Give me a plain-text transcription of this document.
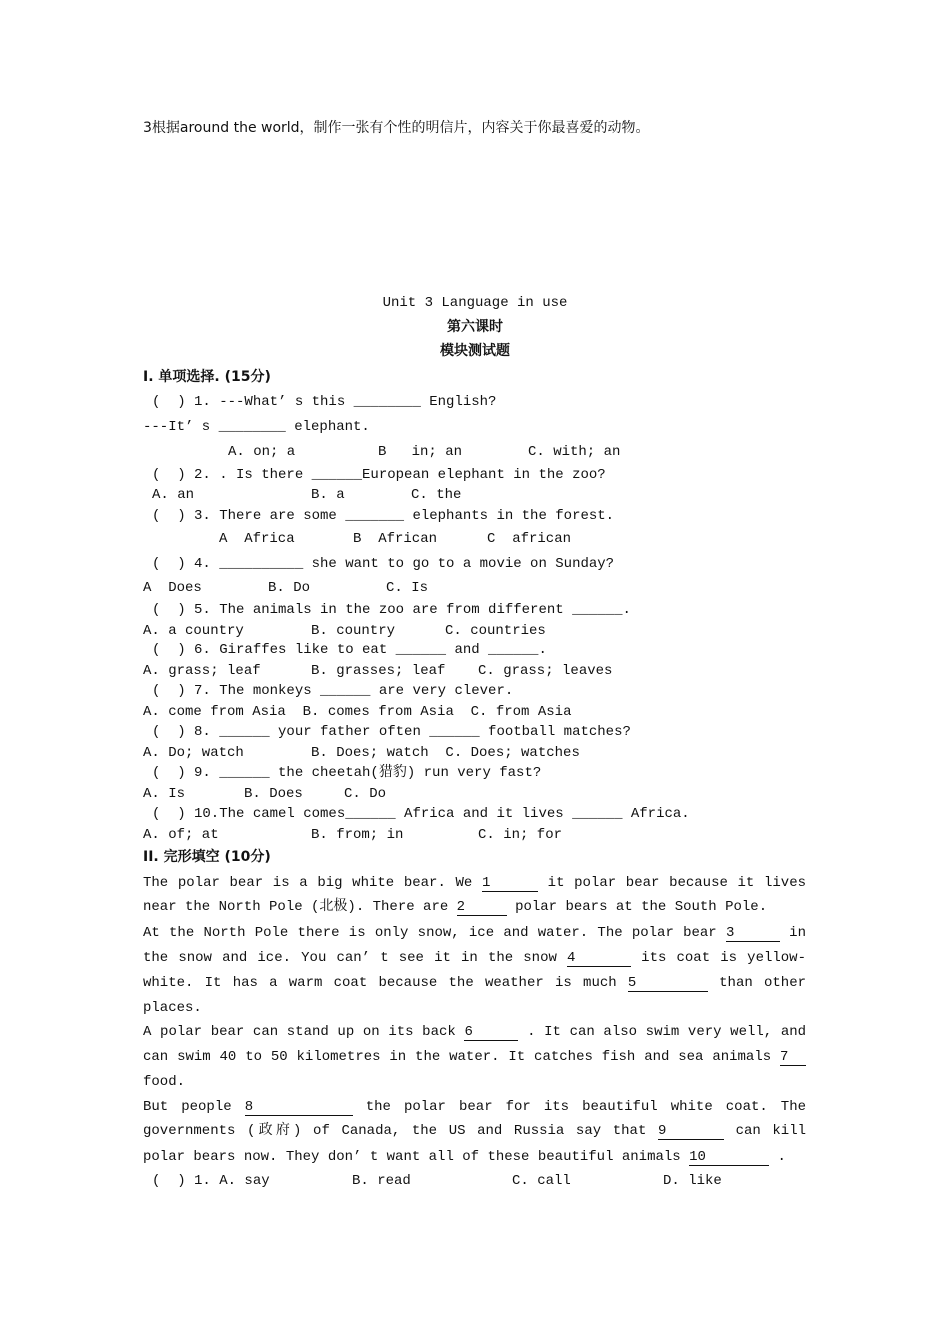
3根据around the world，制作一张有个性的明信片，内容关于你最喜爱的动物。
Unit 3 Language in use
第六课时
模块测试题
I. 单项选择. (15分)
(  ) 1. ---What’ s this ________ English?
---It’ s ________ elephant.
A. on; a	B   in; an	C. with; an
(  ) 2. . Is there ______European elephant in the zoo?
A. an	B. a	C. the
(  ) 3. There are some _______ elephants in the forest.
A  Africa	B  African	C  african
(  ) 4. __________ she want to go to a movie on Sunday?
A  Does	B. Do	C. Is
(  ) 5. The animals in the zoo are from different ______.
A. a country	B. country	C. countries
(  ) 6. Giraffes like to eat ______ and ______.
A. grass; leaf	B. grasses; leaf C. grass; leaves
(  ) 7. The monkeys ______ are very clever.
A. come from Asia  B. comes from Asia  C. from Asia
(  ) 8. ______ your father often ______ football matches?
A. Do; watch	B. Does; watch  C. Does; watches
(  ) 9. ______ the cheetah(猎豹) run very fast?
A. Is	B. Does	C. Do
(  ) 10.The camel comes______ Africa and it lives ______ Africa.
A. of; at	B. from; in	C. in; for
II. 完形填空 (10分)
The polar bear is a big white bear. We 1	it polar bear because it lives
near the North Pole (北极). There are 2	polar bears at the South Pole.
At the North Pole there is only snow, ice and water. The polar bear 3	in
the snow and ice. You can’ t see it in the snow 4	its coat is yellow-
white. It has a warm coat because the weather is much 5	than other
places.
A polar bear can stand up on its back 6	. It can also swim very well, and
can swim 40 to 50 kilometres in the water. It catches fish and sea animals 7
food.
But people 8	the polar bear for its beautiful white coat. The
governments (政府) of Canada, the US and Russia say that 9	can kill
polar bears now. They don’ t want all of these beautiful animals 10	.
(  ) 1. A. say	B. read	C. call	D. like
